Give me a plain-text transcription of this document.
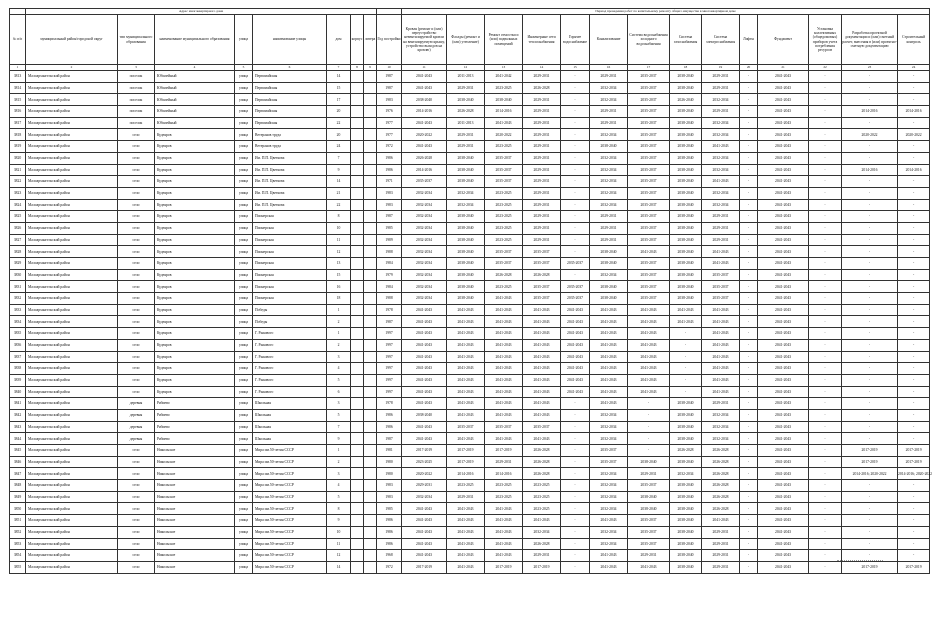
	Адрес многоквартирного дома									Период проведения работ по капитальному ремонту общего имущества в многоквартирном доме													
№ п/п	муниципальный район/городской округ	тип муниципального образования	наименование муниципального образования	улица	наименование улицы	дом	корпус	литера	Год постройки	Кровля (ремонт и (или) переустройство невентилируемой кровли на вентилируемую крышу, устройство выходов на кровлю)	Фасады (ремонт и (или) утепление)	Ремонт отмостки и (или) подвальных помещений	Инженерные сети теплоснабжения	Горячее водоснабжение	Канализование	Система водоснабжения холодного водоснабжения	Система газоснабжения	Система электроснабжения	Лифты	Фундамент	Установка коллективных (общедомовых) приборов учета потребления ресурсов	Разработка проектной документации и (или) сметный расчет, внесения в (или) проектно-сметную документацию	Строительный контроль
1	2	3	4	5	6	7	8	9	10	11	12	13	14	15	16	17	18	19	20	21	22	23	24
3813	Малоархангельский район	поселок	Юбилейный	улица	Первомайская	14			1987	2041-2043	2011-2013	2041-2042	2029-2031	-	2029-2031	2035-2037	2038-2040	2029-2031	-	2041-2043	-	-	-
3814	Малоархангельский район	поселок	Юбилейный	улица	Первомайская	15			1987	2041-2043	2029-2031	2023-2025	2026-2028	-	2032-2034	2035-2037	2038-2040	2029-2031	-	2041-2043	-	-	-
3815	Малоархангельский район	поселок	Юбилейный	улица	Первомайская	17			1983	2038-2040	2038-2040	2038-2040	2029-2031	-	2032-2034	2035-2037	2026-2040	2032-2034	-	2041-2043	-	-	-
3816	Малоархангельский район	поселок	Юбилейный	улица	Первомайская	20			1976	2014-2016	2026-2028	2014-2016	2029-2031	-	2029-2031	2035-2037	2038-2040	2029-2031	-	2041-2043	-	2014-2016	2014-2016
3817	Малоархангельский район	поселок	Юбилейный	улица	Первомайская	22			1977	2041-2043	2011-2013	2041-2043	2029-2031	-	2029-2031	2035-2037	2038-2040	2032-2034	-	2041-2043	-	-	-
3818	Малоархангельский район	село	Кудеяров	улица	Ветеранов труда	20			1977	2020-2022	2029-2031	2020-2022	2029-2031	-	2032-2034	2035-2037	2038-2040	2032-2034	-	2041-2043	-	2020-2022	2020-2022
3819	Малоархангельский район	село	Кудеяров	улица	Ветеранов труда	24			1972	2041-2043	2029-2031	2023-2025	2029-2031	-	2038-2040	2035-2037	2038-2040	2041-2043	-	2041-2043	-	-	-
3820	Малоархангельский район	село	Кудеяров	улица	Им. П.П. Цветкова	7			1986	2026-2028	2038-2040	2035-2037	2029-2031	-	2032-2034	2035-2037	2038-2040	2032-2034	-	2041-2043	-	-	-
3821	Малоархангельский район	село	Кудеяров	улица	Им. П.П. Цветкова	9			1986	2014-2016	2038-2040	2035-2037	2029-2031	-	2032-2034	2035-2037	2038-2040	2032-2034	-	2041-2043	-	2014-2016	2014-2016
3822	Малоархангельский район	село	Кудеяров	улица	Им. П.П. Цветкова	14			1971	2035-2037	2038-2040	2035-2037	2029-2031	-	2032-2034	2035-2037	2038-2040	2041-2043	-	2041-2043	-	-	-
3823	Малоархангельский район	село	Кудеяров	улица	Им. П.П. Цветкова	21			1983	2032-2034	2032-2034	2023-2025	2029-2031	-	2032-2034	2035-2037	2038-2040	2032-2034	-	2041-2043	-	-	-
3824	Малоархангельский район	село	Кудеяров	улица	Им. П.П. Цветкова	22			1983	2032-2034	2032-2034	2023-2025	2029-2031	-	2032-2034	2035-2037	2038-2040	2032-2034	-	2041-2043	-	-	-
3825	Малоархангельский район	село	Кудеяров	улица	Пионерская	8			1987	2032-2034	2038-2040	2023-2025	2029-2031	-	2029-2031	2035-2037	2038-2040	2029-2031	-	2041-2043	-	-	-
3826	Малоархангельский район	село	Кудеяров	улица	Пионерская	10			1985	2032-2034	2038-2040	2023-2025	2029-2031	-	2029-2031	2035-2037	2038-2040	2029-2031	-	2041-2043	-	-	-
3827	Малоархангельский район	село	Кудеяров	улица	Пионерская	11			1989	2032-2034	2038-2040	2023-2025	2029-2031	-	2029-2031	2035-2037	2038-2040	2029-2031	-	2041-2043	-	-	-
3828	Малоархангельский район	село	Кудеяров	улица	Пионерская	12			1988	2032-2034	2038-2040	2035-2037	2035-2037	-	2038-2040	2041-2043	2038-2040	2041-2043	-	2041-2043	-	-	-
3829	Малоархангельский район	село	Кудеяров	улица	Пионерская	13			1984	2032-2034	2038-2040	2035-2037	2035-2037	2035-2037	2038-2040	2035-2037	2038-2040	2041-2043	-	2041-2043	-	-	-
3830	Малоархангельский район	село	Кудеяров	улица	Пионерская	15			1979	2032-2034	2038-2040	2026-2028	2026-2028	-	2032-2034	2035-2037	2038-2040	2035-2037	-	2041-2043	-	-	-
3831	Малоархангельский район	село	Кудеяров	улица	Пионерская	16			1984	2032-2034	2038-2040	2023-2025	2035-2037	2035-2037	2038-2040	2035-2037	2038-2040	2035-2037	-	2041-2043	-	-	-
3832	Малоархангельский район	село	Кудеяров	улица	Пионерская	18			1988	2032-2034	2038-2040	2041-2043	2035-2037	2035-2037	2038-2040	2035-2037	2038-2040	2035-2037	-	2041-2043	-	-	-
3833	Малоархангельский район	село	Кудеяров	улица	Победы	1			1978	2041-2043	2041-2043	2041-2043	2041-2043	2041-2043	2041-2043	2041-2043	2041-2043	2041-2043	-	2041-2043	-	-	-
3834	Малоархангельский район	село	Кудеяров	улица	Победы	2			1987	2041-2043	2041-2043	2041-2043	2041-2043	2041-2043	2041-2043	2041-2043	2041-2043	2041-2043	-	2041-2043	-	-	-
3835	Малоархангельский район	село	Кудеяров	улица	Г. Рыкового	1			1997	2041-2043	2041-2043	2041-2043	2041-2043	2041-2043	2041-2043	2041-2043	-	2041-2043	-	2041-2043	-	-	-
3836	Малоархангельский район	село	Кудеяров	улица	Г. Рыкового	2			1997	2041-2043	2041-2043	2041-2043	2041-2043	2041-2043	2041-2043	2041-2043	-	2041-2043	-	2041-2043	-	-	-
3837	Малоархангельский район	село	Кудеяров	улица	Г. Рыкового	3			1997	2041-2043	2041-2043	2041-2043	2041-2043	2041-2043	2041-2043	2041-2043	-	2041-2043	-	2041-2043	-	-	-
3838	Малоархангельский район	село	Кудеяров	улица	Г. Рыкового	4			1997	2041-2043	2041-2043	2041-2043	2041-2043	2041-2043	2041-2043	2041-2043	-	2041-2043	-	2041-2043	-	-	-
3839	Малоархангельский район	село	Кудеяров	улица	Г. Рыкового	5			1997	2041-2043	2041-2043	2041-2043	2041-2043	2041-2043	2041-2043	2041-2043	-	2041-2043	-	2041-2043	-	-	-
3840	Малоархангельский район	село	Кудеяров	улица	Г. Рыкового	6			1997	2041-2043	2041-2043	2041-2043	2041-2043	2041-2043	2041-2043	2041-2043	-	2041-2043	-	2041-2043	-	-	-
3841	Малоархангельский район	деревня	Рябиево	улица	Школьная	3			1978	2041-2043	2041-2043	2041-2043	2041-2043	-	2041-2043	-	2038-2040	2029-2031	-	2041-2043	-	-	-
3842	Малоархангельский район	деревня	Рябиево	улица	Школьная	5			1986	2038-2040	2041-2043	2041-2043	2041-2043	-	2032-2034	-	2038-2040	2032-2034	-	2041-2043	-	-	-
3843	Малоархангельский район	деревня	Рябиево	улица	Школьная	7			1986	2041-2043	2035-2037	2035-2037	2035-2037	-	2032-2034	-	2038-2040	2032-2034	-	2041-2043	-	-	-
3844	Малоархангельский район	деревня	Рябиево	улица	Школьная	9			1987	2041-2043	2041-2043	2041-2043	2041-2043	-	2032-2034	-	2038-2040	2032-2034	-	2041-2043	-	-	-
3845	Малоархангельский район	село	Никольское	улица	Мира им.50-летия СССР	1			1981	2017-2019	2017-2019	2017-2019	2026-2028	-	2035-2037	-	2026-2028	2026-2028	-	2041-2043	-	2017-2019	2017-2019
3846	Малоархангельский район	село	Никольское	улица	Мира им.50-летия СССР	2			1980	2023-2025	2017-2019	2029-2031	2026-2028	-	2035-2037	2038-2040	2038-2040	2026-2028	-	2041-2043	-	2017-2019	2017-2019
3847	Малоархангельский район	село	Никольское	улица	Мира им.50-летия СССР	3			1980	2020-2022	2014-2016	2014-2016	2026-2028	-	2032-2034	2029-2031	2032-2034	2026-2028	-	2041-2043	-	2014-2016; 2020-2022	2014-2016; 2020-2022
3848	Малоархангельский район	село	Никольское	улица	Мира им.50-летия СССР	4			1983	2029-2031	2023-2025	2023-2025	2023-2025	-	2032-2034	2035-2037	2038-2040	2026-2028	-	2041-2043	-	-	-
3849	Малоархангельский район	село	Никольское	улица	Мира им.50-летия СССР	5			1983	2032-2034	2029-2031	2023-2025	2023-2025	-	2032-2034	2038-2040	2038-2040	2026-2028	-	2041-2043	-	-	-
3850	Малоархангельский район	село	Никольское	улица	Мира им.50-летия СССР	8			1985	2041-2043	2041-2043	2041-2043	2023-2025	-	2032-2034	2038-2040	2038-2040	2026-2028	-	2041-2043	-	-	-
3851	Малоархангельский район	село	Никольское	улица	Мира им.50-летия СССР	9			1986	2041-2043	2041-2043	2041-2043	2041-2043	-	2041-2043	2035-2037	2038-2040	2041-2043	-	2041-2043	-	-	-
3852	Малоархангельский район	село	Никольское	улица	Мира им.50-летия СССР	10			1986	2041-2043	2041-2043	2041-2043	2032-2034	-	2032-2034	2035-2037	2038-2040	2029-2031	-	2041-2043	-	-	-
3853	Малоархангельский район	село	Никольское	улица	Мира им.50-летия СССР	11			1986	2041-2043	2041-2043	2041-2043	2026-2028	-	2032-2034	2035-2037	2038-2040	2029-2031	-	2041-2043	-	-	-
3854	Малоархангельский район	село	Никольское	улица	Мира им.50-летия СССР	12			1968	2041-2043	2041-2043	2041-2043	2029-2031	-	2041-2043	2029-2031	2038-2040	2029-2031	-	2041-2043	-	-	-
3855	Малоархангельский район	село	Никольское	улица	Мира им.50-летия СССР	14			1972	2017-2019	2041-2043	2017-2019	2017-2019	-	2041-2043	2041-2043	2038-2040	2029-2031	-	2041-2043	-	2017-2019	2017-2019
